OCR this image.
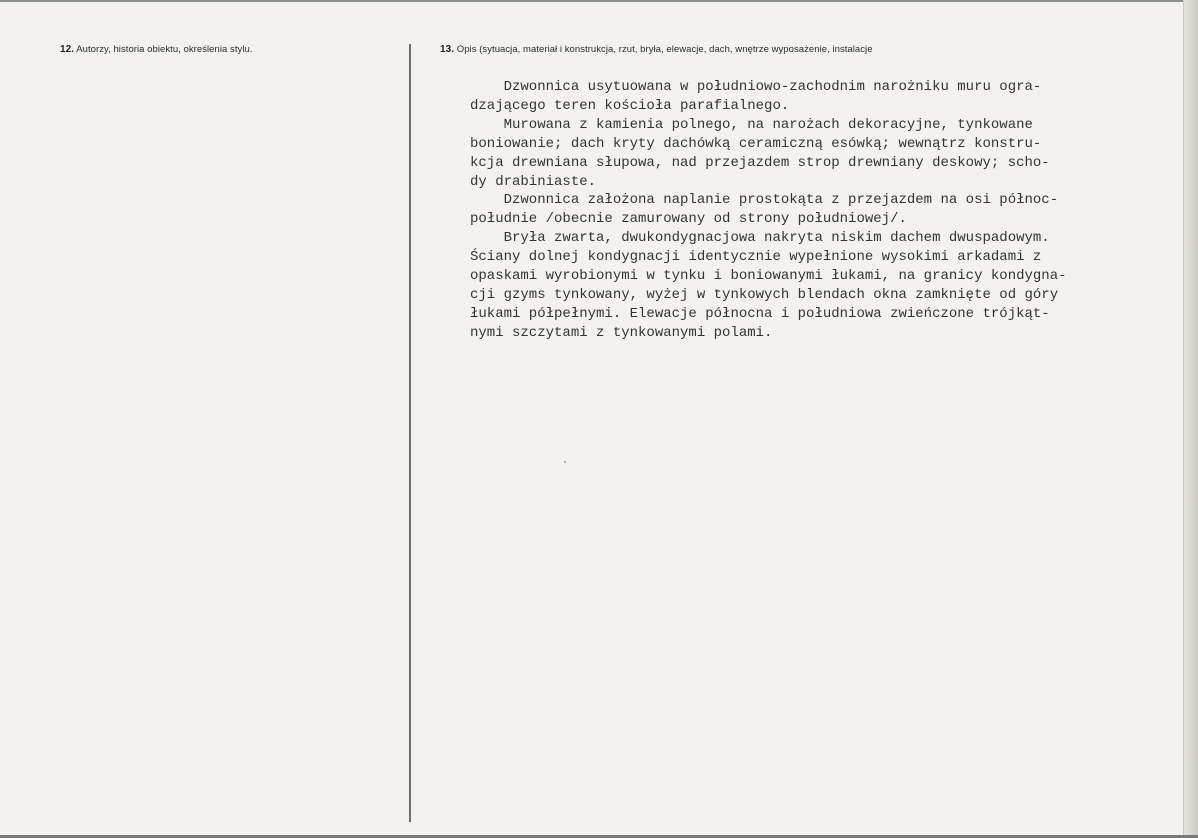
12. Autorzy, historia obiektu, określenia stylu.	13. Opis (sytuacja, materiał i konstrukcja, rzut, bryła, elewacje, dach, wnętrze wyposażenie, instalacje
Dzwonnica usytuowana w południowo-zachodnim narożniku muru ogra-
dzającego teren kościoła parafialnego.
Murowana z kamienia polnego, na narożach dekoracyjne, tynkowane
boniowanie; dach kryty dachówką ceramiczną esówką; wewnątrz konstru-
kcja drewniana słupowa, nad przejazdem strop drewniany deskowy; scho-
dy drabiniaste.
Dzwonnica założona naplanie prostokąta z przejazdem na osi północ-
południe /obecnie zamurowany od strony południowej/.
Bryła zwarta, dwukondygnacjowa nakryta niskim dachem dwuspadowym.
Ściany dolnej kondygnacji identycznie wypełnione wysokimi arkadami z
opaskami wyrobionymi w tynku i boniowanymi łukami, na granicy kondygna-
cji gzyms tynkowany, wyżej w tynkowych blendach okna zamknięte od góry
łukami półpełnymi. Elewacje północna i południowa zwieńczone trójkąt-
nymi szczytami z tynkowanymi polami.
